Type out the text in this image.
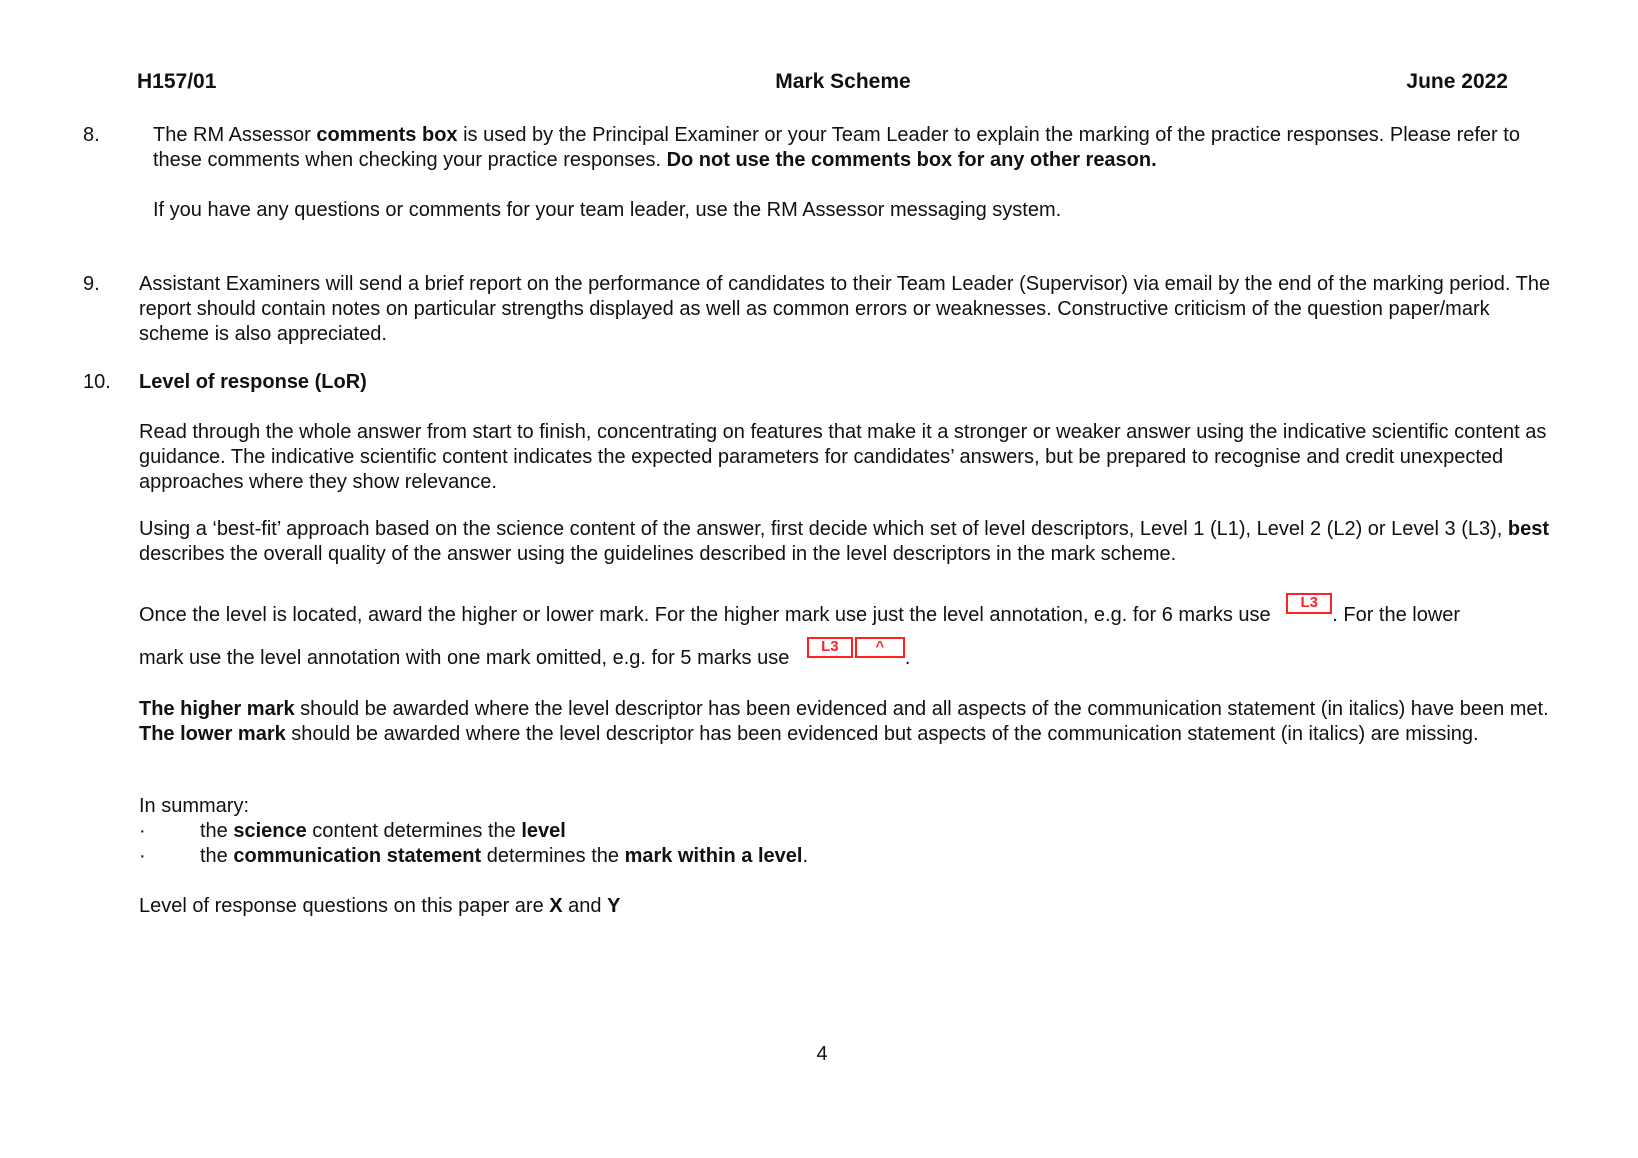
H157/01	Mark Scheme	June 2022
8.	The RM Assessor comments box is used by the Principal Examiner or your Team Leader to explain the marking of the practice responses. Please refer to these comments when checking your practice responses. Do not use the comments box for any other reason.
If you have any questions or comments for your team leader, use the RM Assessor messaging system.
9. Assistant Examiners will send a brief report on the performance of candidates to their Team Leader (Supervisor) via email by the end of the marking period. The report should contain notes on particular strengths displayed as well as common errors or weaknesses. Constructive criticism of the question paper/mark scheme is also appreciated.
10. Level of response (LoR)
Read through the whole answer from start to finish, concentrating on features that make it a stronger or weaker answer using the indicative scientific content as guidance. The indicative scientific content indicates the expected parameters for candidates’ answers, but be prepared to recognise and credit unexpected approaches where they show relevance.
Using a ‘best-fit’ approach based on the science content of the answer, first decide which set of level descriptors, Level 1 (L1), Level 2 (L2) or Level 3 (L3), best describes the overall quality of the answer using the guidelines described in the level descriptors in the mark scheme.
Once the level is located, award the higher or lower mark. For the higher mark use just the level annotation, e.g. for 6 marks use L3. For the lower
mark use the level annotation with one mark omitted, e.g. for 5 marks use L3 ^.
The higher mark should be awarded where the level descriptor has been evidenced and all aspects of the communication statement (in italics) have been met. The lower mark should be awarded where the level descriptor has been evidenced but aspects of the communication statement (in italics) are missing.
In summary:
·	the science content determines the level
·	the communication statement determines the mark within a level.
Level of response questions on this paper are X and Y
4
